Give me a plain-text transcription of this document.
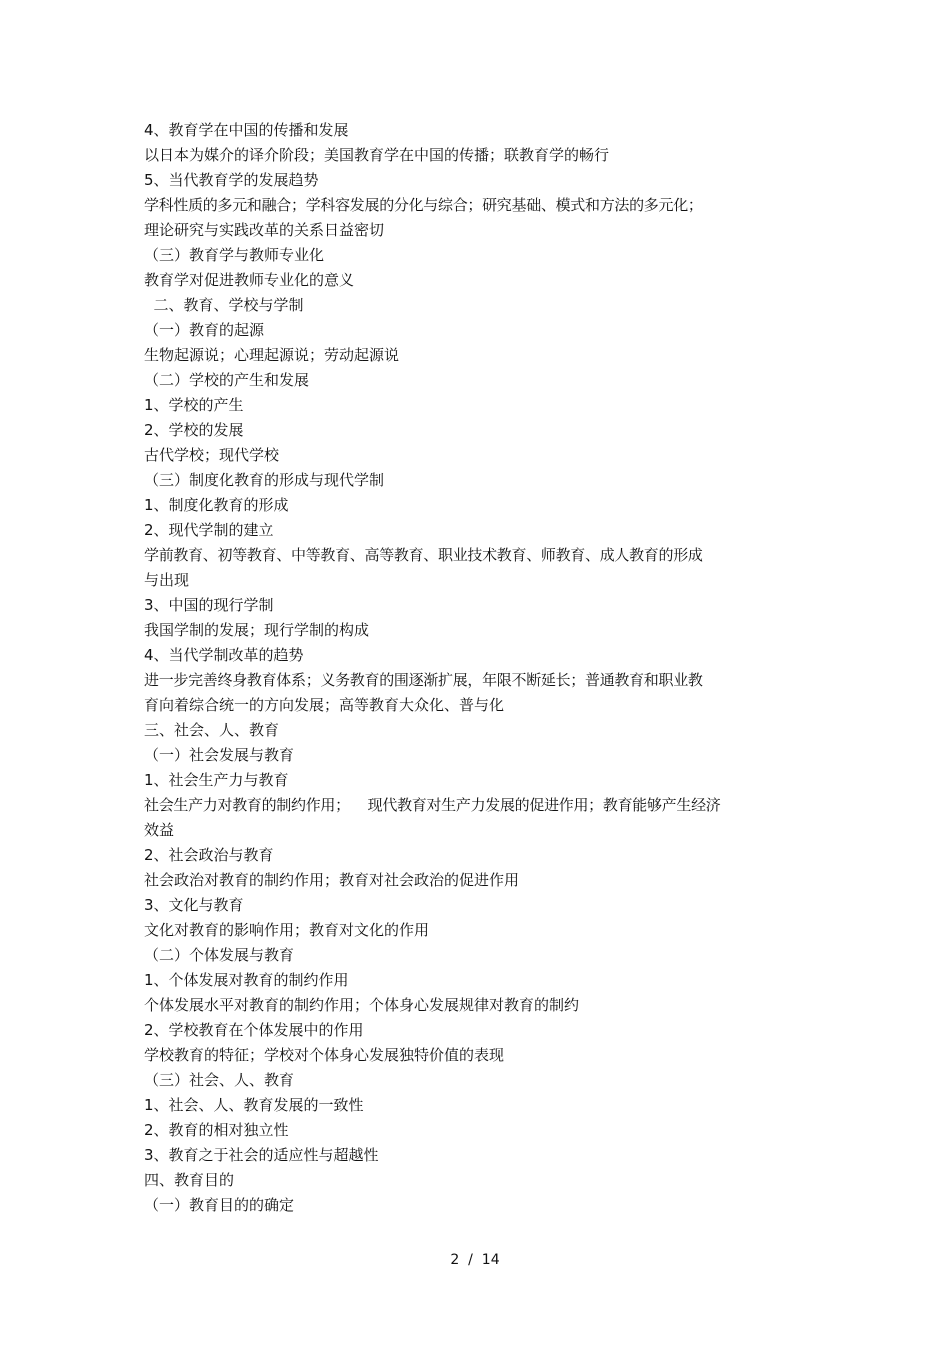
4、教育学在中国的传播和发展
以日本为媒介的译介阶段；美国教育学在中国的传播；联教育学的畅行
5、当代教育学的发展趋势
学科性质的多元和融合；学科容发展的分化与综合；研究基础、模式和方法的多元化；
理论研究与实践改革的关系日益密切
（三）教育学与教师专业化
教育学对促进教师专业化的意义
二、教育、学校与学制
（一）教育的起源
生物起源说；心理起源说；劳动起源说
（二）学校的产生和发展
1、学校的产生
2、学校的发展
古代学校；现代学校
（三）制度化教育的形成与现代学制
1、制度化教育的形成
2、现代学制的建立
学前教育、初等教育、中等教育、高等教育、职业技术教育、师教育、成人教育的形成
与出现
3、中国的现行学制
我国学制的发展；现行学制的构成
4、当代学制改革的趋势
进一步完善终身教育体系；义务教育的围逐渐扩展，年限不断延长；普通教育和职业教
育向着综合统一的方向发展；高等教育大众化、普与化
三、社会、人、教育
（一）社会发展与教育
1、社会生产力与教育
社会生产力对教育的制约作用；    现代教育对生产力发展的促进作用；教育能够产生经济
效益
2、社会政治与教育
社会政治对教育的制约作用；教育对社会政治的促进作用
3、文化与教育
文化对教育的影响作用；教育对文化的作用
（二）个体发展与教育
1、个体发展对教育的制约作用
个体发展水平对教育的制约作用；个体身心发展规律对教育的制约
2、学校教育在个体发展中的作用
学校教育的特征；学校对个体身心发展独特价值的表现
（三）社会、人、教育
1、社会、人、教育发展的一致性
2、教育的相对独立性
3、教育之于社会的适应性与超越性
四、教育目的
（一）教育目的的确定
2  /  14
